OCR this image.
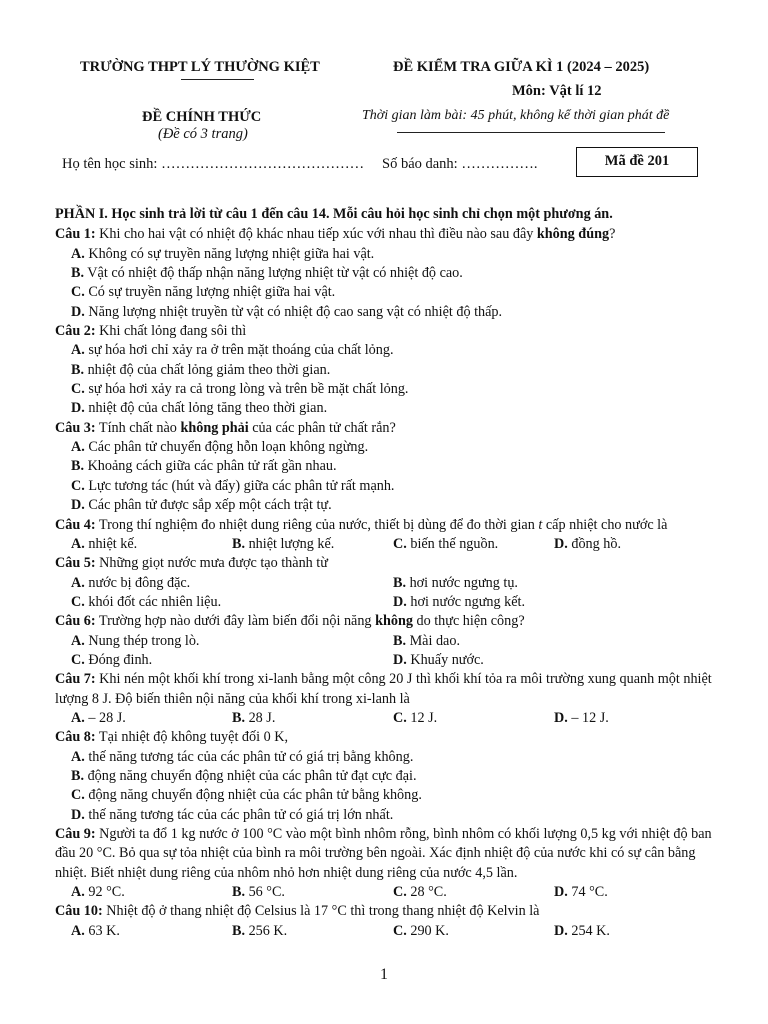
TRƯỜNG THPT LÝ THƯỜNG KIỆT	ĐỀ KIỂM TRA GIỮA KÌ 1 (2024 – 2025)
Môn: Vật lí 12
ĐỀ CHÍNH THỨC
(Đề có 3 trang)
Thời gian làm bài: 45 phút, không kể thời gian phát đề
Họ tên học sinh: …………………………………… Số báo danh: …………….	Mã đề 201
PHẦN I. Học sinh trả lời từ câu 1 đến câu 14. Mỗi câu hỏi học sinh chỉ chọn một phương án.
Câu 1: Khi cho hai vật có nhiệt độ khác nhau tiếp xúc với nhau thì điều nào sau đây không đúng?
A. Không có sự truyền năng lượng nhiệt giữa hai vật.
B. Vật có nhiệt độ thấp nhận năng lượng nhiệt từ vật có nhiệt độ cao.
C. Có sự truyền năng lượng nhiệt giữa hai vật.
D. Năng lượng nhiệt truyền từ vật có nhiệt độ cao sang vật có nhiệt độ thấp.
Câu 2: Khi chất lỏng đang sôi thì
A. sự hóa hơi chỉ xảy ra ở trên mặt thoáng của chất lỏng.
B. nhiệt độ của chất lỏng giảm theo thời gian.
C. sự hóa hơi xảy ra cả trong lòng và trên bề mặt chất lỏng.
D. nhiệt độ của chất lỏng tăng theo thời gian.
Câu 3: Tính chất nào không phải của các phân tử chất rắn?
A. Các phân tử chuyển động hỗn loạn không ngừng.
B. Khoảng cách giữa các phân tử rất gần nhau.
C. Lực tương tác (hút và đẩy) giữa các phân tử rất mạnh.
D. Các phân tử được sắp xếp một cách trật tự.
Câu 4: Trong thí nghiệm đo nhiệt dung riêng của nước, thiết bị dùng để đo thời gian t cấp nhiệt cho nước là
A. nhiệt kế.	B. nhiệt lượng kế.	C. biến thế nguồn.	D. đồng hồ.
Câu 5: Những giọt nước mưa được tạo thành từ
A. nước bị đông đặc.	B. hơi nước ngưng tụ.
C. khói đốt các nhiên liệu.	D. hơi nước ngưng kết.
Câu 6: Trường hợp nào dưới đây làm biến đổi nội năng không do thực hiện công?
A. Nung thép trong lò.	B. Mài dao.
C. Đóng đinh.	D. Khuấy nước.
Câu 7: Khi nén một khối khí trong xi-lanh bằng một công 20 J thì khối khí tỏa ra môi trường xung quanh một nhiệt lượng 8 J. Độ biến thiên nội năng của khối khí trong xi-lanh là
A. – 28 J.	B. 28 J.	C. 12 J.	D. – 12 J.
Câu 8: Tại nhiệt độ không tuyệt đối 0 K,
A. thế năng tương tác của các phân tử có giá trị bằng không.
B. động năng chuyển động nhiệt của các phân tử đạt cực đại.
C. động năng chuyển động nhiệt của các phân tử bằng không.
D. thế năng tương tác của các phân tử có giá trị lớn nhất.
Câu 9: Người ta đổ 1 kg nước ở 100 °C vào một bình nhôm rỗng, bình nhôm có khối lượng 0,5 kg với nhiệt độ ban đầu 20 °C. Bỏ qua sự tỏa nhiệt của bình ra môi trường bên ngoài. Xác định nhiệt độ của nước khi có sự cân bằng nhiệt. Biết nhiệt dung riêng của nhôm nhỏ hơn nhiệt dung riêng của nước 4,5 lần.
A. 92 °C.	B. 56 °C.	C. 28 °C.	D. 74 °C.
Câu 10: Nhiệt độ ở thang nhiệt độ Celsius là 17 °C thì trong thang nhiệt độ Kelvin là
A. 63 K.	B. 256 K.	C. 290 K.	D. 254 K.
1
